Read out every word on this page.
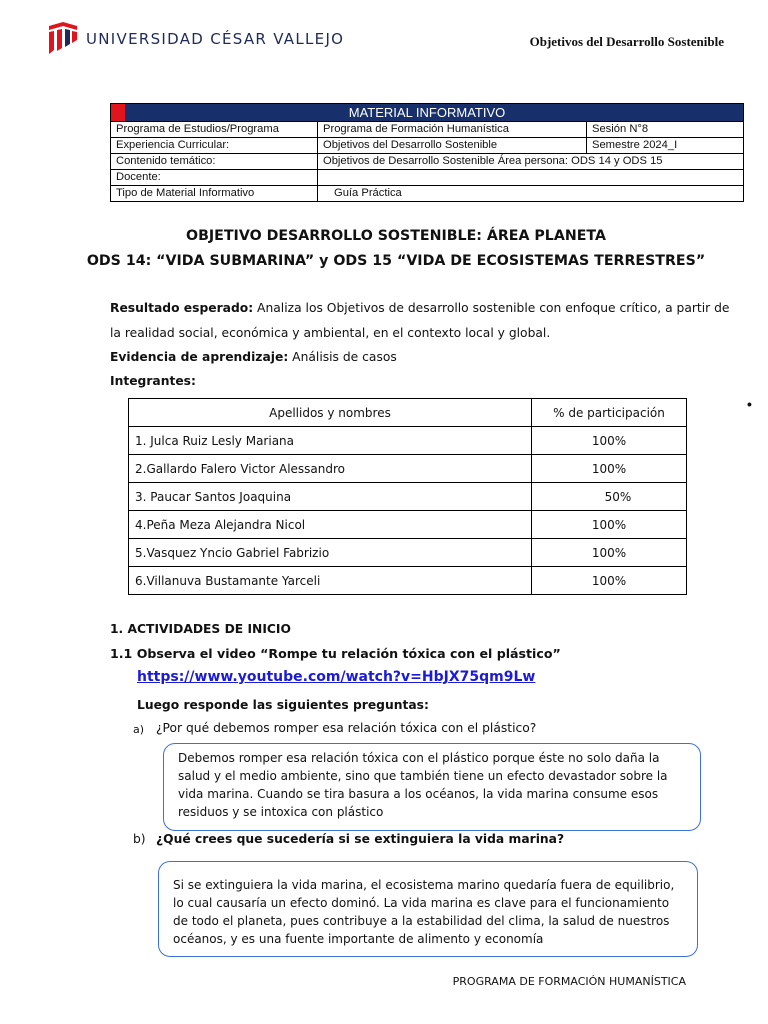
UNIVERSIDAD CÉSAR VALLEJO	Objetivos del Desarrollo Sostenible
MATERIAL INFORMATIVO		
Programa de Estudios/Programa	Programa de Formación Humanística	Sesión N°8
Experiencia Curricular:	Objetivos del Desarrollo Sostenible	Semestre 2024_I
Contenido temático:	Objetivos de Desarrollo Sostenible Área persona: ODS 14 y ODS 15	
Docente:		
Tipo de Material Informativo	Guía Práctica	
OBJETIVO DESARROLLO SOSTENIBLE: ÁREA PLANETA
ODS 14: “VIDA SUBMARINA” y ODS 15 “VIDA DE ECOSISTEMAS TERRESTRES”
Resultado esperado: Analiza los Objetivos de desarrollo sostenible con enfoque crítico, a partir de
la realidad social, económica y ambiental, en el contexto local y global.
Evidencia de aprendizaje: Análisis de casos
Integrantes:
Apellidos y nombres	% de participación
1. Julca Ruiz Lesly Mariana	100%
2.Gallardo Falero Victor Alessandro	100%
3. Paucar Santos Joaquina	50%
4.Peña Meza Alejandra Nicol	100%
5.Vasquez Yncio Gabriel Fabrizio	100%
6.Villanuva Bustamante Yarceli	100%
•
1. ACTIVIDADES DE INICIO
1.1 Observa el video “Rompe tu relación tóxica con el plástico”
https://www.youtube.com/watch?v=HbJX75qm9Lw
Luego responde las siguientes preguntas:
a) ¿Por qué debemos romper esa relación tóxica con el plástico?
Debemos romper esa relación tóxica con el plástico porque éste no solo daña la salud y el medio ambiente, sino que también tiene un efecto devastador sobre la vida marina. Cuando se tira basura a los océanos, la vida marina consume esos residuos y se intoxica con plástico
b) ¿Qué crees que sucedería si se extinguiera la vida marina?
Si se extinguiera la vida marina, el ecosistema marino quedaría fuera de equilibrio, lo cual causaría un efecto dominó. La vida marina es clave para el funcionamiento de todo el planeta, pues contribuye a la estabilidad del clima, la salud de nuestros océanos, y es una fuente importante de alimento y economía
PROGRAMA DE FORMACIÓN HUMANÍSTICA
